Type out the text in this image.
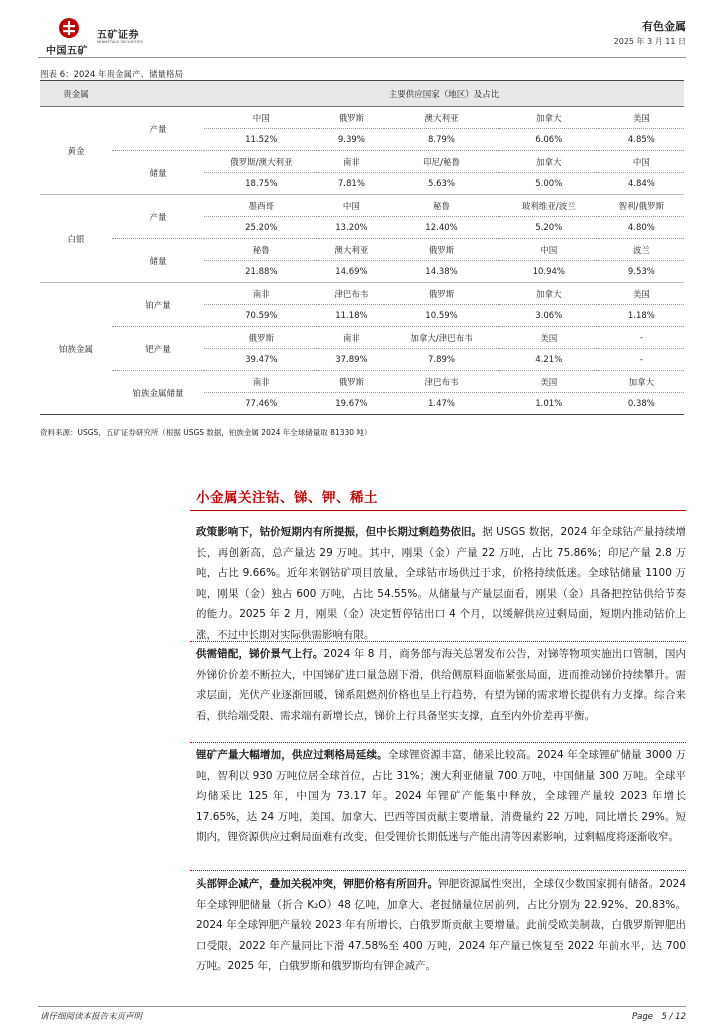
中国五矿
五矿证券
MINMETALS SECURITIES
有色金属
2025 年 3 月 11 日
图表 6：2024 年贵金属产、储量格局
贵金属		主要供应国家（地区）及占比				
黄金	产量	中国	俄罗斯	澳大利亚	加拿大	美国
		11.52%	9.39%	8.79%	6.06%	4.85%
	储量	俄罗斯/澳大利亚	南非	印尼/秘鲁	加拿大	中国
		18.75%	7.81%	5.63%	5.00%	4.84%
白银	产量	墨西哥	中国	秘鲁	玻利维亚/波兰	智利/俄罗斯
		25.20%	13.20%	12.40%	5.20%	4.80%
	储量	秘鲁	澳大利亚	俄罗斯	中国	波兰
		21.88%	14.69%	14.38%	10.94%	9.53%
铂族金属	铂产量	南非	津巴布韦	俄罗斯	加拿大	美国
		70.59%	11.18%	10.59%	3.06%	1.18%
	钯产量	俄罗斯	南非	加拿大/津巴布韦	美国	-
		39.47%	37.89%	7.89%	4.21%	-
	铂族金属储量	南非	俄罗斯	津巴布韦	美国	加拿大
		77.46%	19.67%	1.47%	1.01%	0.38%
资料来源：USGS，五矿证券研究所（根据 USGS 数据，铂族金属 2024 年全球储量取 81330 吨）
小金属关注钴、锑、钾、稀土
政策影响下，钴价短期内有所提振，但中长期过剩趋势依旧。据 USGS 数据，2024 年全球钴产量持续增长，再创新高，总产量达 29 万吨。其中，刚果（金）产量 22 万吨，占比 75.86%；印尼产量 2.8 万吨，占比 9.66%。近年来钢钴矿项目放量，全球钴市场供过于求，价格持续低迷。全球钴储量 1100 万吨，刚果（金）独占 600 万吨，占比 54.55%。从储量与产量层面看，刚果（金）具备把控钴供给节奏的能力。2025 年 2 月，刚果（金）决定暂停钴出口 4 个月，以缓解供应过剩局面，短期内推动钴价上涨，不过中长期对实际供需影响有限。
供需错配，锑价景气上行。2024 年 8 月，商务部与海关总署发布公告，对锑等物项实施出口管制，国内外锑价价差不断拉大，中国锑矿进口量急剧下滑，供给侧原料面临紧张局面，进而推动锑价持续攀升。需求层面，光伏产业逐渐回暖，锑系阻燃剂价格也呈上行趋势，有望为锑的需求增长提供有力支撑。综合来看，供给端受限、需求端有新增长点，锑价上行具备坚实支撑，直至内外价差再平衡。
锂矿产量大幅增加，供应过剩格局延续。全球锂资源丰富，储采比较高。2024 年全球锂矿储量 3000 万吨，智利以 930 万吨位居全球首位，占比 31%；澳大利亚储量 700 万吨，中国储量 300 万吨。全球平均储采比 125 年，中国为 73.17 年。2024 年锂矿产能集中释放，全球锂产量较 2023 年增长 17.65%，达 24 万吨，美国、加拿大、巴西等国贡献主要增量，消费量约 22 万吨，同比增长 29%。短期内，锂资源供应过剩局面难有改变，但受锂价长期低迷与产能出清等因素影响，过剩幅度将逐渐收窄。
头部钾企减产，叠加关税冲突，钾肥价格有所回升。钾肥资源属性突出，全球仅少数国家拥有储备。2024 年全球钾肥储量（折合 K₂O）48 亿吨，加拿大、老挝储量位居前列，占比分别为 22.92%、20.83%。2024 年全球钾肥产量较 2023 年有所增长，白俄罗斯贡献主要增量。此前受欧美制裁，白俄罗斯钾肥出口受限，2022 年产量同比下滑 47.58%至 400 万吨，2024 年产量已恢复至 2022 年前水平，达 700 万吨。2025 年，白俄罗斯和俄罗斯均有钾企减产。
请仔细阅读本报告末页声明	Page　5 / 12
